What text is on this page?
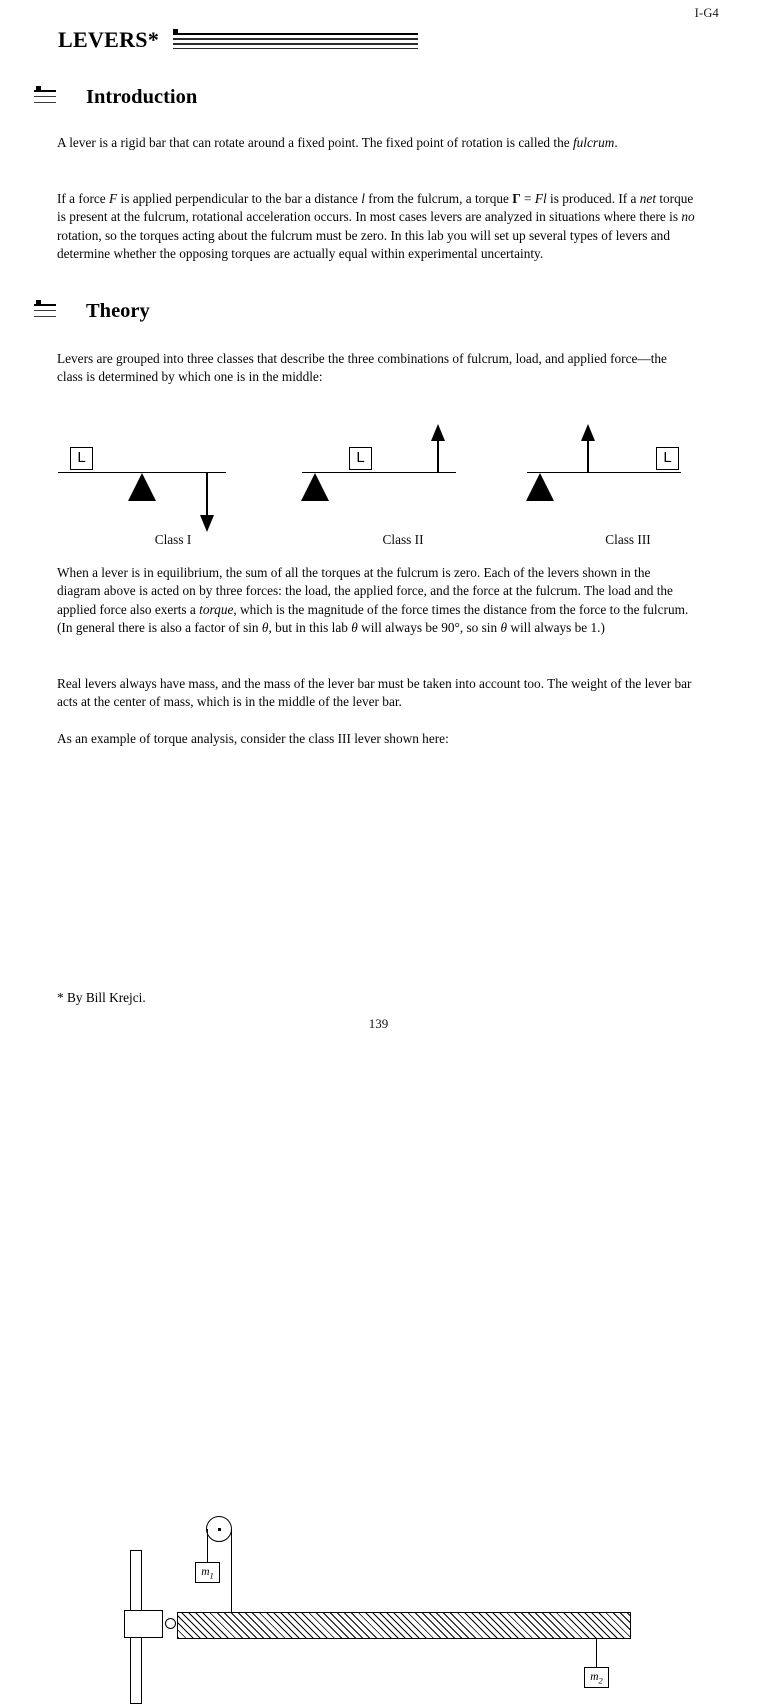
I-G4
LEVERS*
Introduction
A lever is a rigid bar that can rotate around a fixed point. The fixed point of rotation is called the fulcrum.
If a force F is applied perpendicular to the bar a distance l from the fulcrum, a torque Γ = Fl is produced. If a net torque is present at the fulcrum, rotational acceleration occurs. In most cases levers are analyzed in situations where there is no rotation, so the torques acting about the fulcrum must be zero. In this lab you will set up several types of levers and determine whether the opposing torques are actually equal within experimental uncertainty.
Theory
Levers are grouped into three classes that describe the three combinations of fulcrum, load, and applied force—the class is determined by which one is in the middle:
L
Class I
L
Class II
L
Class III
When a lever is in equilibrium, the sum of all the torques at the fulcrum is zero. Each of the levers shown in the diagram above is acted on by three forces: the load, the applied force, and the force at the fulcrum. The load and the applied force also exerts a torque, which is the magnitude of the force times the distance from the force to the fulcrum. (In general there is also a factor of sin θ, but in this lab θ will always be 90°, so sin θ will always be 1.)
Real levers always have mass, and the mass of the lever bar must be taken into account too. The weight of the lever bar acts at the center of mass, which is in the middle of the lever bar.
As an example of torque analysis, consider the class III lever shown here:
$m_1$
$m_2$
* By Bill Krejci.
139
